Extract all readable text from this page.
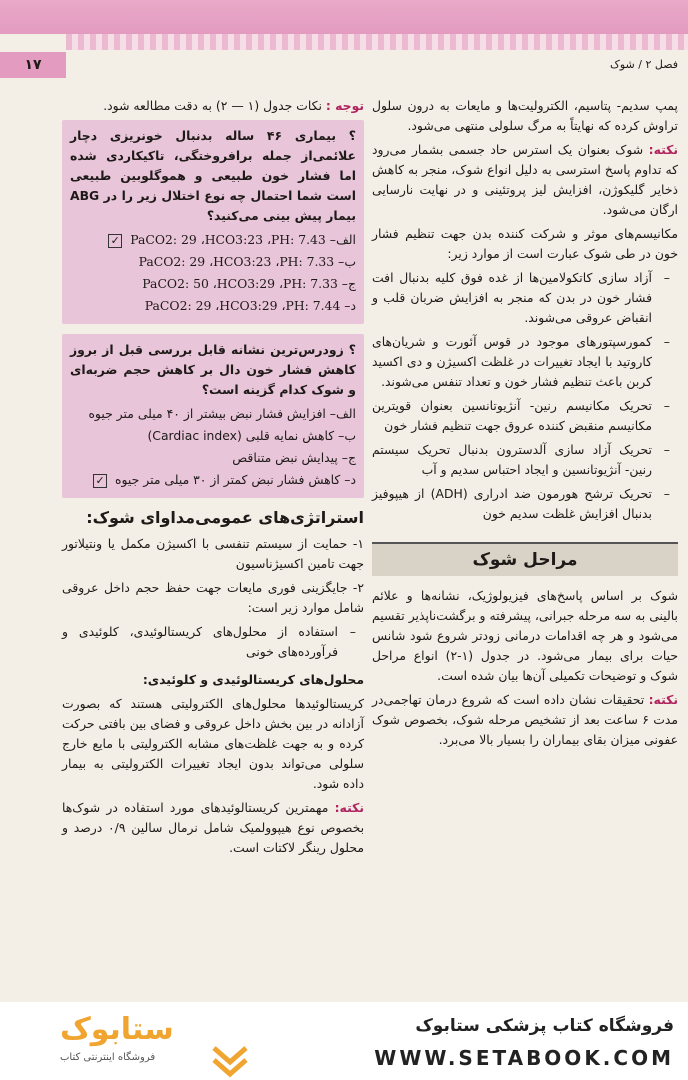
۱۷	فصل ۲ / شوک

پمپ سدیم- پتاسیم، الکترولیت‌ها و مایعات به درون سلول تراوش کرده که نهایتاً به مرگ سلولی منتهی می‌شود.

نکته: شوک بعنوان یک استرس حاد جسمی بشمار می‌رود که تداوم پاسخ استرسی به دلیل انواع شوک، منجر به کاهش ذخایر گلیکوژن، افزایش لیز پروتئینی و در نهایت نارسایی ارگان می‌شود.

مکانیسم‌های موثر و شرکت کننده بدن جهت تنظیم فشار خون در طی شوک عبارت است از موارد زیر:

– آزاد سازی کاتکولامین‌ها از غده فوق کلیه بدنبال افت فشار خون در بدن که منجر به افزایش ضربان قلب و انقباض عروقی می‌شوند.
– کمورسپتورهای موجود در قوس آئورت و شریان‌های کاروتید با ایجاد تغییرات در غلظت اکسیژن و دی اکسید کربن باعث تنظیم فشار خون و تعداد تنفس می‌شوند.
– تحریک مکانیسم رنین- آنژیوتانسین بعنوان قویترین مکانیسم منقبض کننده عروق جهت تنظیم فشار خون
– تحریک آزاد سازی آلدسترون بدنبال تحریک سیستم رنین- آنژیوتانسین و ایجاد احتباس سدیم و آب
– تحریک ترشح هورمون ضد ادراری (ADH) از هیپوفیز بدنبال افزایش غلظت سدیم خون
مراحل شوک

شوک بر اساس پاسخ‌های فیزیولوژیک، نشانه‌ها و علائم بالینی به سه مرحله جبرانی، پیشرفته و برگشت‌ناپذیر تقسیم می‌شود و هر چه اقدامات درمانی زودتر شروع شود شانس حیات برای بیمار می‌شود. در جدول (۱-۲) انواع مراحل شوک و توضیحات تکمیلی آن‌ها بیان شده است.

نکته: تحقیقات نشان داده است که شروع درمان تهاجمی‌در مدت ۶ ساعت بعد از تشخیص مرحله شوک، بخصوص شوک عفونی میزان بقای بیماران را بسیار بالا می‌برد.

توجه : نکات جدول (۱ — ۲) به دقت مطالعه شود.

؟ بیماری ۴۶ ساله بدنبال خونریزی دچار علائمی‌از جمله برافروختگی، تاکیکاردی شده اما فشار خون طبیعی و هموگلوبین طبیعی است شما احتمال چه نوع اختلال زیر را در ABG بیمار پیش بینی می‌کنید؟
الف– PaCO2: 29 ،HCO3:23 ،PH: 7.43 ✓
ب– PaCO2: 29 ،HCO3:23 ،PH: 7.33
ج– PaCO2: 50 ،HCO3:29 ،PH: 7.33
د– PaCO2: 29 ،HCO3:29 ،PH: 7.44
؟ زودرس‌ترین نشانه قابل بررسی قبل از بروز کاهش فشار خون دال بر کاهش حجم ضربه‌ای و شوک کدام گزینه است؟
الف– افزایش فشار نبض بیشتر از ۴۰ میلی متر جیوه
ب– کاهش نمایه قلبی (Cardiac index)
ج– پیدایش نبض متناقص
د– کاهش فشار نبض کمتر از ۳۰ میلی متر جیوه ✓
استراتژی‌های عمومی‌مداوای شوک:

۱- حمایت از سیستم تنفسی با اکسیژن مکمل یا ونتیلاتور جهت تامین اکسیژناسیون

۲- جایگزینی فوری مایعات جهت حفظ حجم داخل عروقی شامل موارد زیر است:

– استفاده از محلول‌های کریستالوئیدی، کلوئیدی و فرآورده‌های خونی
محلول‌های کریستالوئیدی و کلوئیدی:

کریستالوئیدها محلول‌های الکترولیتی هستند که بصورت آزادانه در بین بخش داخل عروقی و فضای بین بافتی حرکت کرده و به جهت غلظت‌های مشابه الکترولیتی با مایع خارج سلولی می‌تواند بدون ایجاد تغییرات الکترولیتی به بیمار داده شود.

نکته: مهمترین کریستالوئیدهای مورد استفاده در شوک‌ها بخصوص نوع هیپوولمیک شامل نرمال سالین ۰/۹ درصد و محلول رینگر لاکتات است.

ستابوک
فروشگاه اینترنتی کتاب
فروشگاه کتاب پزشکی ستابوک
WWW.SETABOOK.COM
